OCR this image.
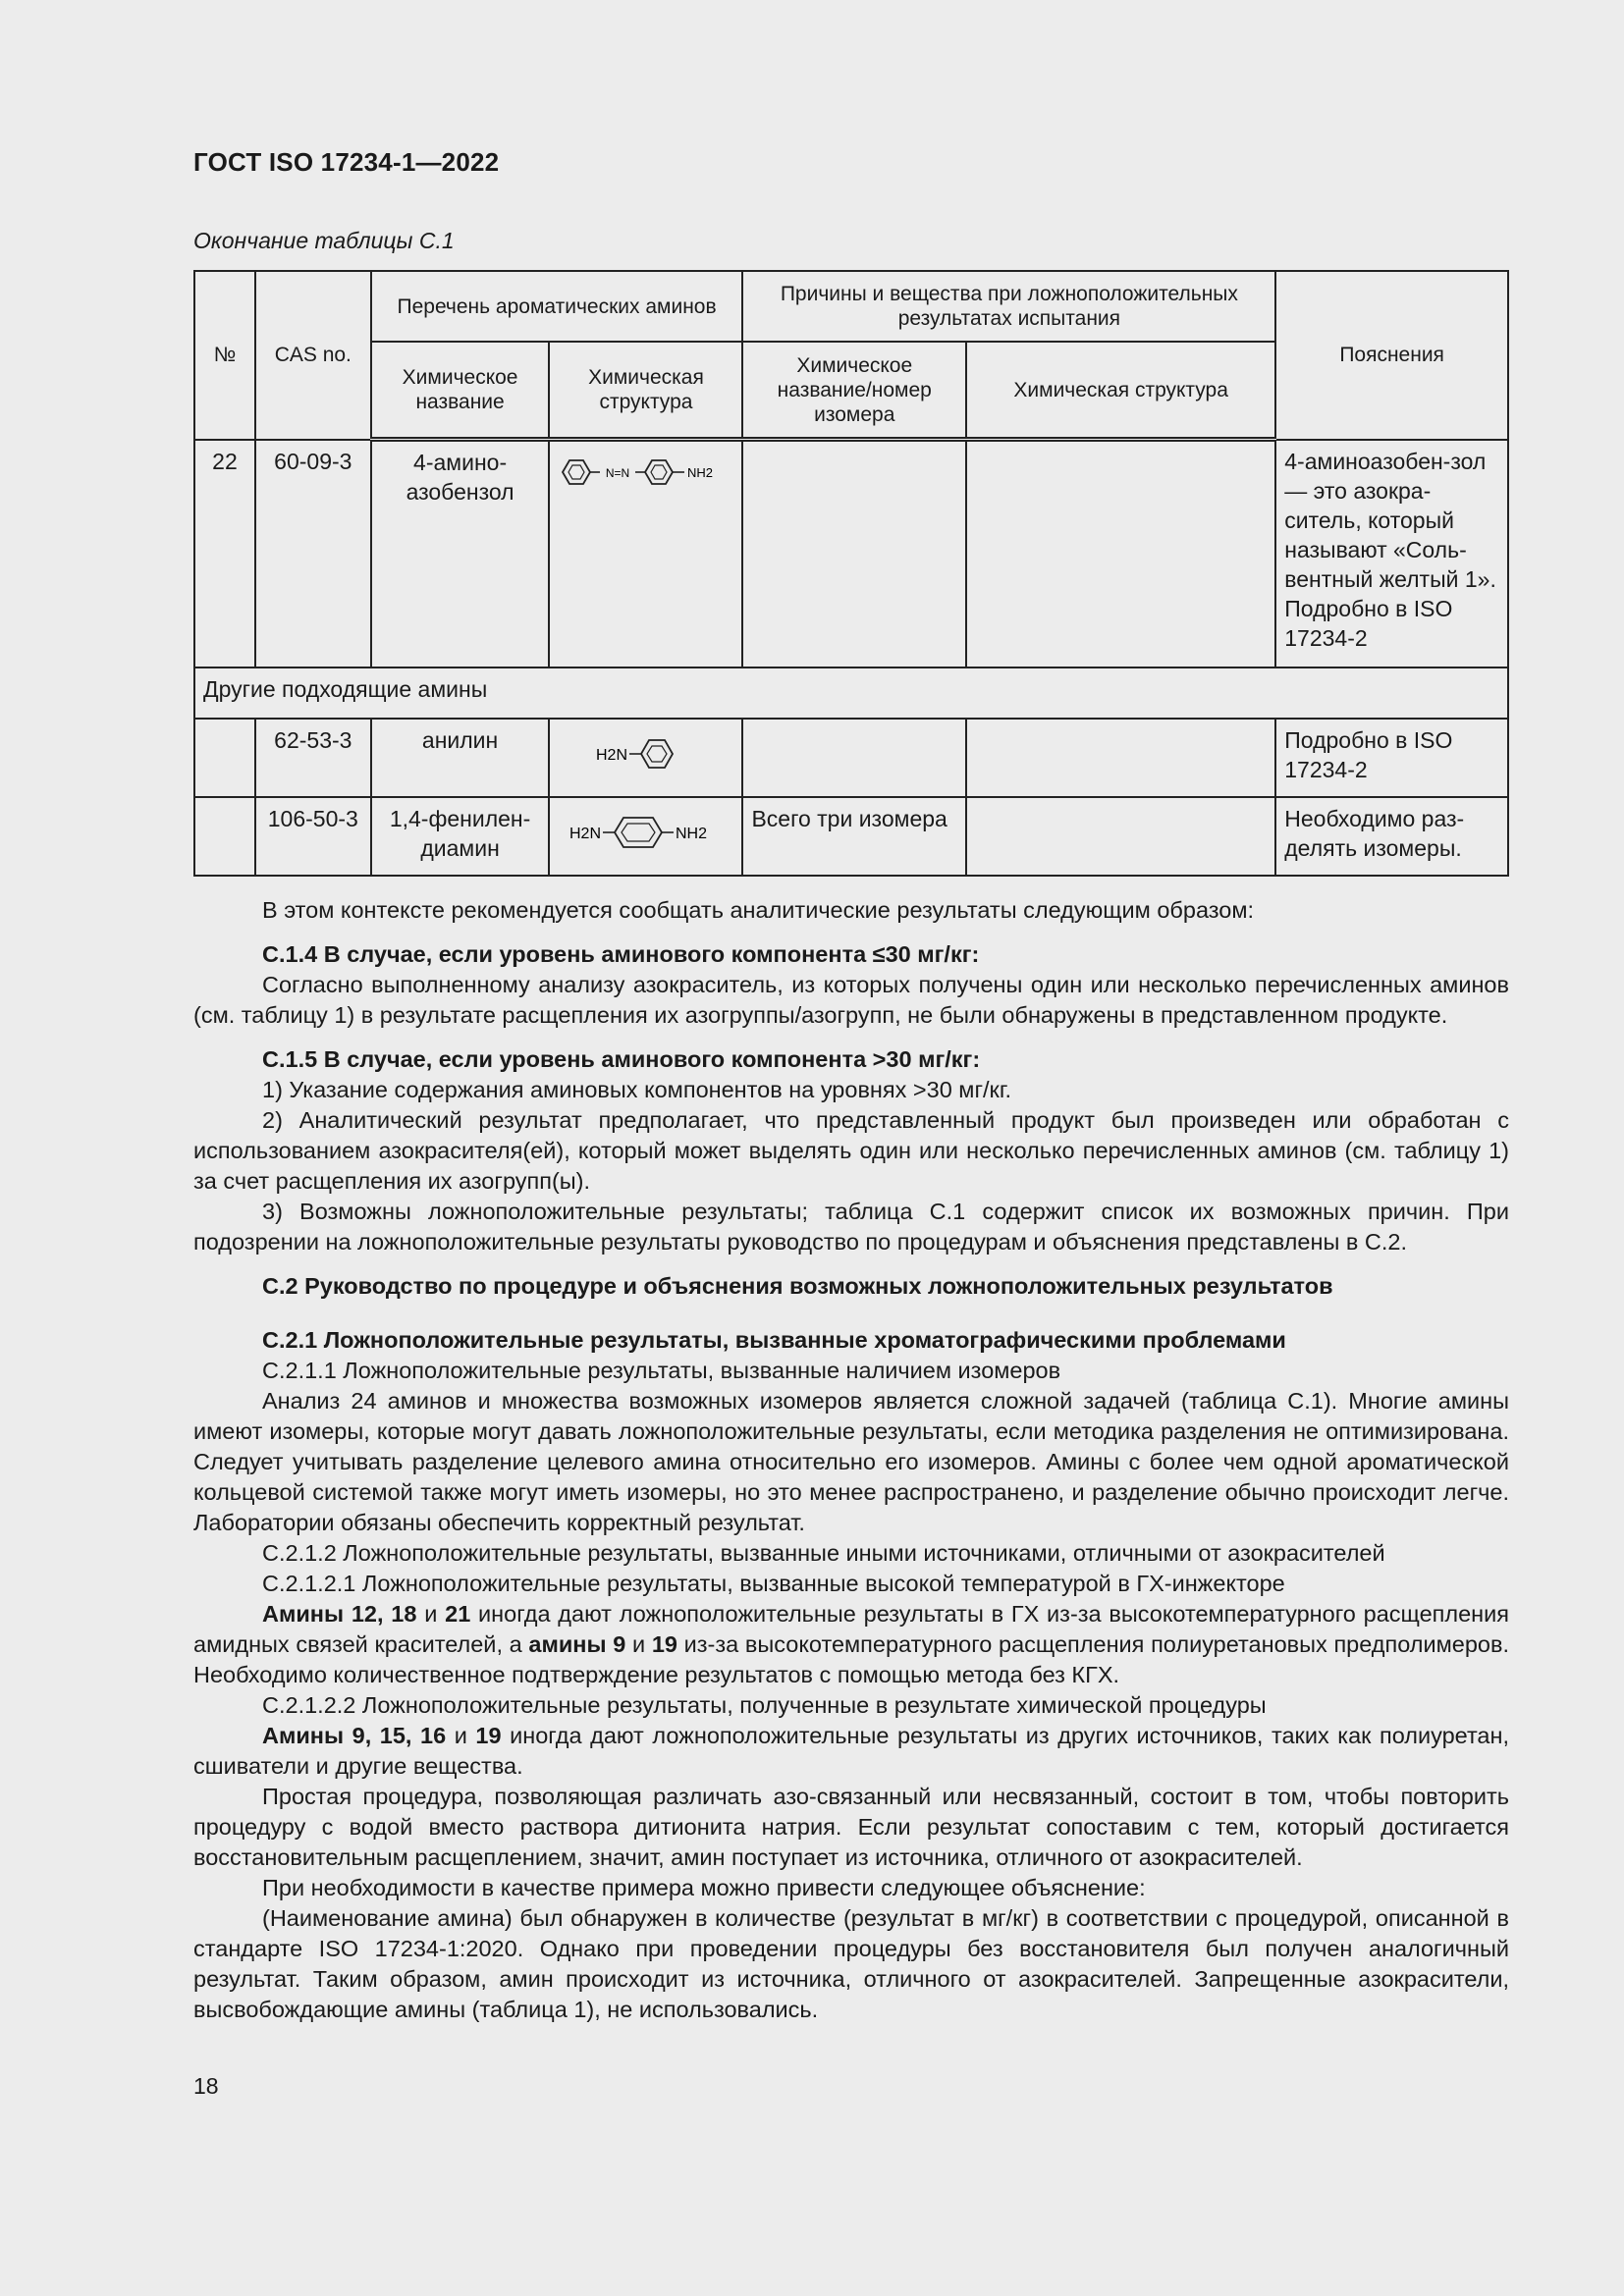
ГОСТ ISO 17234-1—2022
Окончание таблицы С.1
№	CAS no.	Перечень ароматических аминов		Причины и вещества при ложноположительных результатах испытания		Пояснения
		Химическое название	Химическая структура	Химическое название/номер изомера	Химическая структура	
22	60-09-3	4-амино-азобензол	N=N NH2			4-аминоазобен-зол — это азокра-ситель, который называют «Соль-вентный желтый 1». Подробно в ISO 17234-2
Другие подходящие амины						
	62-53-3	анилин	H2N			Подробно в ISO 17234-2
	106-50-3	1,4-фенилен-диамин	H2N NH2	Всего три изомера		Необходимо раз-делять изомеры.

В этом контексте рекомендуется сообщать аналитические результаты следующим образом:

С.1.4 В случае, если уровень аминового компонента ≤30 мг/кг:

Согласно выполненному анализу азокраситель, из которых получены один или несколько перечисленных аминов (см. таблицу 1) в результате расщепления их азогруппы/азогрупп, не были обнаружены в представленном продукте.

С.1.5 В случае, если уровень аминового компонента >30 мг/кг:

1) Указание содержания аминовых компонентов на уровнях >30 мг/кг.

2) Аналитический результат предполагает, что представленный продукт был произведен или обработан с использованием азокрасителя(ей), который может выделять один или несколько перечисленных аминов (см. таблицу 1) за счет расщепления их азогрупп(ы).

3) Возможны ложноположительные результаты; таблица С.1 содержит список их возможных причин. При подозрении на ложноположительные результаты руководство по процедурам и объяснения представлены в С.2.

С.2 Руководство по процедуре и объяснения возможных ложноположительных результатов

С.2.1 Ложноположительные результаты, вызванные хроматографическими проблемами

С.2.1.1 Ложноположительные результаты, вызванные наличием изомеров

Анализ 24 аминов и множества возможных изомеров является сложной задачей (таблица С.1). Многие амины имеют изомеры, которые могут давать ложноположительные результаты, если методика разделения не оптимизирована. Следует учитывать разделение целевого амина относительно его изомеров. Амины с более чем одной ароматической кольцевой системой также могут иметь изомеры, но это менее распространено, и разделение обычно происходит легче. Лаборатории обязаны обеспечить корректный результат.

С.2.1.2 Ложноположительные результаты, вызванные иными источниками, отличными от азокрасителей

С.2.1.2.1 Ложноположительные результаты, вызванные высокой температурой в ГХ-инжекторе

Амины 12, 18 и 21 иногда дают ложноположительные результаты в ГХ из-за высокотемпературного расщепления амидных связей красителей, а амины 9 и 19 из-за высокотемпературного расщепления полиуретановых предполимеров. Необходимо количественное подтверждение результатов с помощью метода без КГХ.

С.2.1.2.2 Ложноположительные результаты, полученные в результате химической процедуры

Амины 9, 15, 16 и 19 иногда дают ложноположительные результаты из других источников, таких как полиуретан, сшиватели и другие вещества.

Простая процедура, позволяющая различать азо-связанный или несвязанный, состоит в том, чтобы повторить процедуру с водой вместо раствора дитионита натрия. Если результат сопоставим с тем, который достигается восстановительным расщеплением, значит, амин поступает из источника, отличного от азокрасителей.

При необходимости в качестве примера можно привести следующее объяснение:

(Наименование амина) был обнаружен в количестве (результат в мг/кг) в соответствии с процедурой, описанной в стандарте ISO 17234-1:2020. Однако при проведении процедуры без восстановителя был получен аналогичный результат. Таким образом, амин происходит из источника, отличного от азокрасителей. Запрещенные азокрасители, высвобождающие амины (таблица 1), не использовались.

18
